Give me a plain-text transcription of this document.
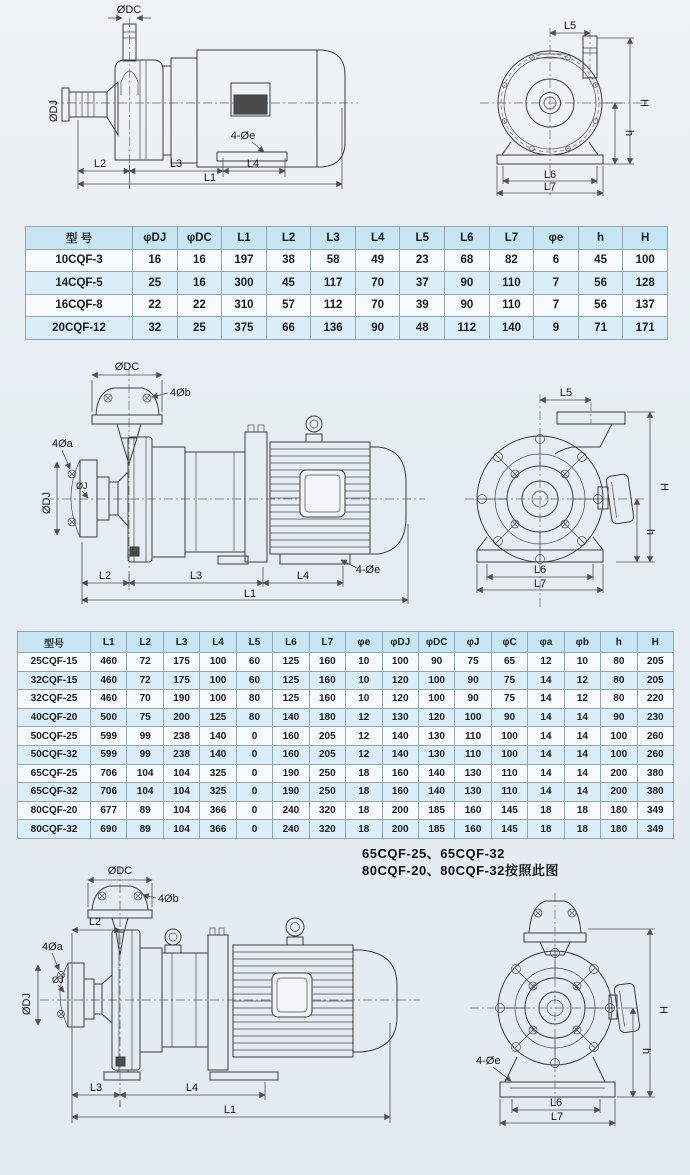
ØDJ
ØDC
4-Øe
L2	L3	L4
L1
L5
H
h
L6
L7
型 号	φDJ	φDC	L1	L2	L3	L4	L5	L6	L7	φe	h	H
10CQF-3	16	16	197	38	58	49	23	68	82	6	45	100
14CQF-5	25	16	300	45	117	70	37	90	110	7	56	128
16CQF-8	22	22	310	57	112	70	39	90	110	7	56	137
20CQF-12	32	25	375	66	136	90	48	112	140	9	71	171
ØDC
4Øb
4Øa
ØJ
ØDJ
4-Øe
L2	L3	L4
L1
L5
H
h
L6
L7
型号	L1	L2	L3	L4	L5	L6	L7	φe	φDJ	φDC	φJ	φC	φa	φb	h	H
25CQF-15	460	72	175	100	60	125	160	10	100	90	75	65	12	10	80	205
32CQF-15	460	72	175	100	60	125	160	10	120	100	90	75	14	12	80	205
32CQF-25	460	70	190	100	80	125	160	10	120	100	90	75	14	12	80	220
40CQF-20	500	75	200	125	80	140	180	12	130	120	100	90	14	14	90	230
50CQF-25	599	99	238	140	0	160	205	12	140	130	110	100	14	14	100	260
50CQF-32	599	99	238	140	0	160	205	12	140	130	110	100	14	14	100	260
65CQF-25	706	104	104	325	0	190	250	18	160	140	130	110	14	14	200	380
65CQF-32	706	104	104	325	0	190	250	18	160	140	130	110	14	14	200	380
80CQF-20	677	89	104	366	0	240	320	18	200	185	160	145	18	18	180	349
80CQF-32	690	89	104	366	0	240	320	18	200	185	160	145	18	18	180	349
65CQF-25、65CQF-32
80CQF-20、80CQF-32按照此图
ØDC
4Øb
L2
4Øa
ØJ
ØDJ
L3	L4
L1
4-Øe
H
h
L6
L7
